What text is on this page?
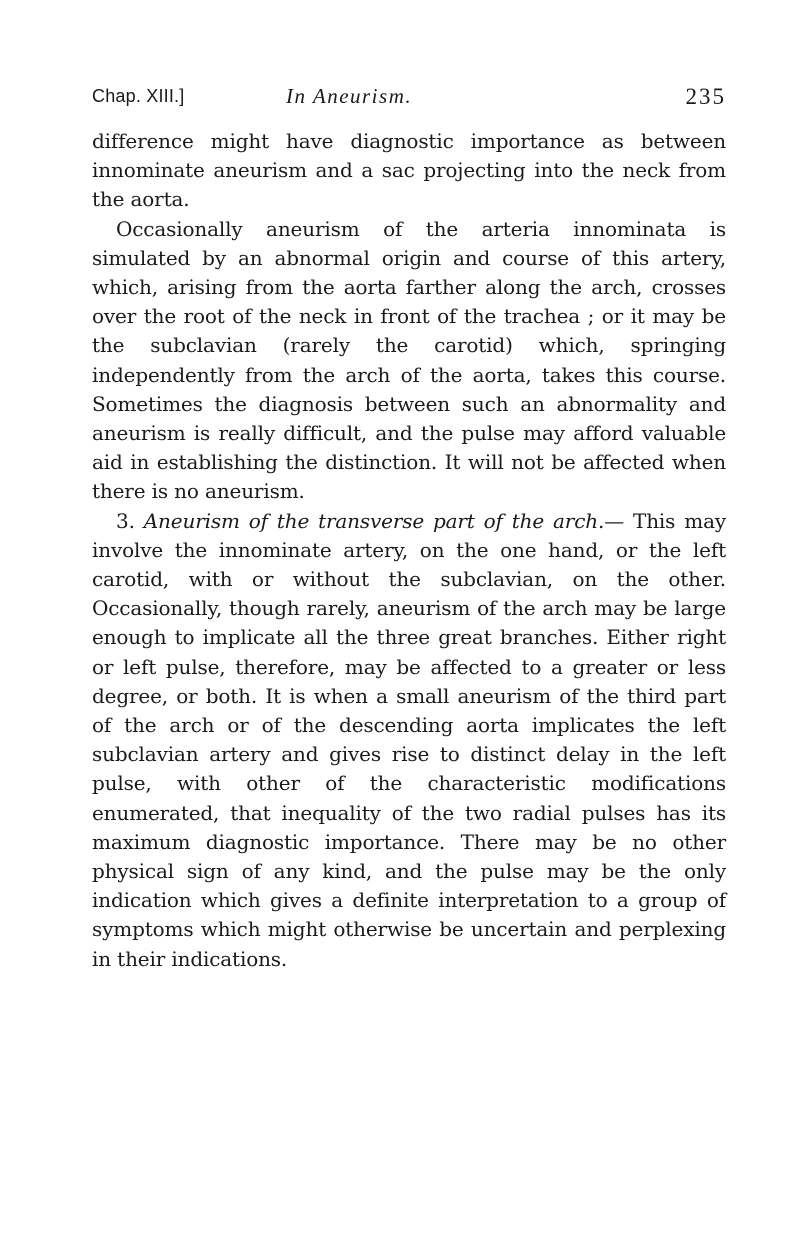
Chap. XIII.]	In Aneurism.	235

difference might have diagnostic importance as between innominate aneurism and a sac projecting into the neck from the aorta.

Occasionally aneurism of the arteria innominata is simulated by an abnormal origin and course of this artery, which, arising from the aorta farther along the arch, crosses over the root of the neck in front of the trachea ; or it may be the subclavian (rarely the carotid) which, springing independently from the arch of the aorta, takes this course. Sometimes the diagnosis between such an abnormality and aneurism is really difficult, and the pulse may afford valuable aid in establishing the distinction. It will not be affected when there is no aneurism.

3. Aneurism of the transverse part of the arch.— This may involve the innominate artery, on the one hand, or the left carotid, with or without the subclavian, on the other. Occasionally, though rarely, aneurism of the arch may be large enough to implicate all the three great branches. Either right or left pulse, therefore, may be affected to a greater or less degree, or both. It is when a small aneurism of the third part of the arch or of the descending aorta implicates the left subclavian artery and gives rise to distinct delay in the left pulse, with other of the characteristic modifications enumerated, that inequality of the two radial pulses has its maximum diagnostic importance. There may be no other physical sign of any kind, and the pulse may be the only indication which gives a definite interpretation to a group of symptoms which might otherwise be uncertain and perplexing in their indications.
